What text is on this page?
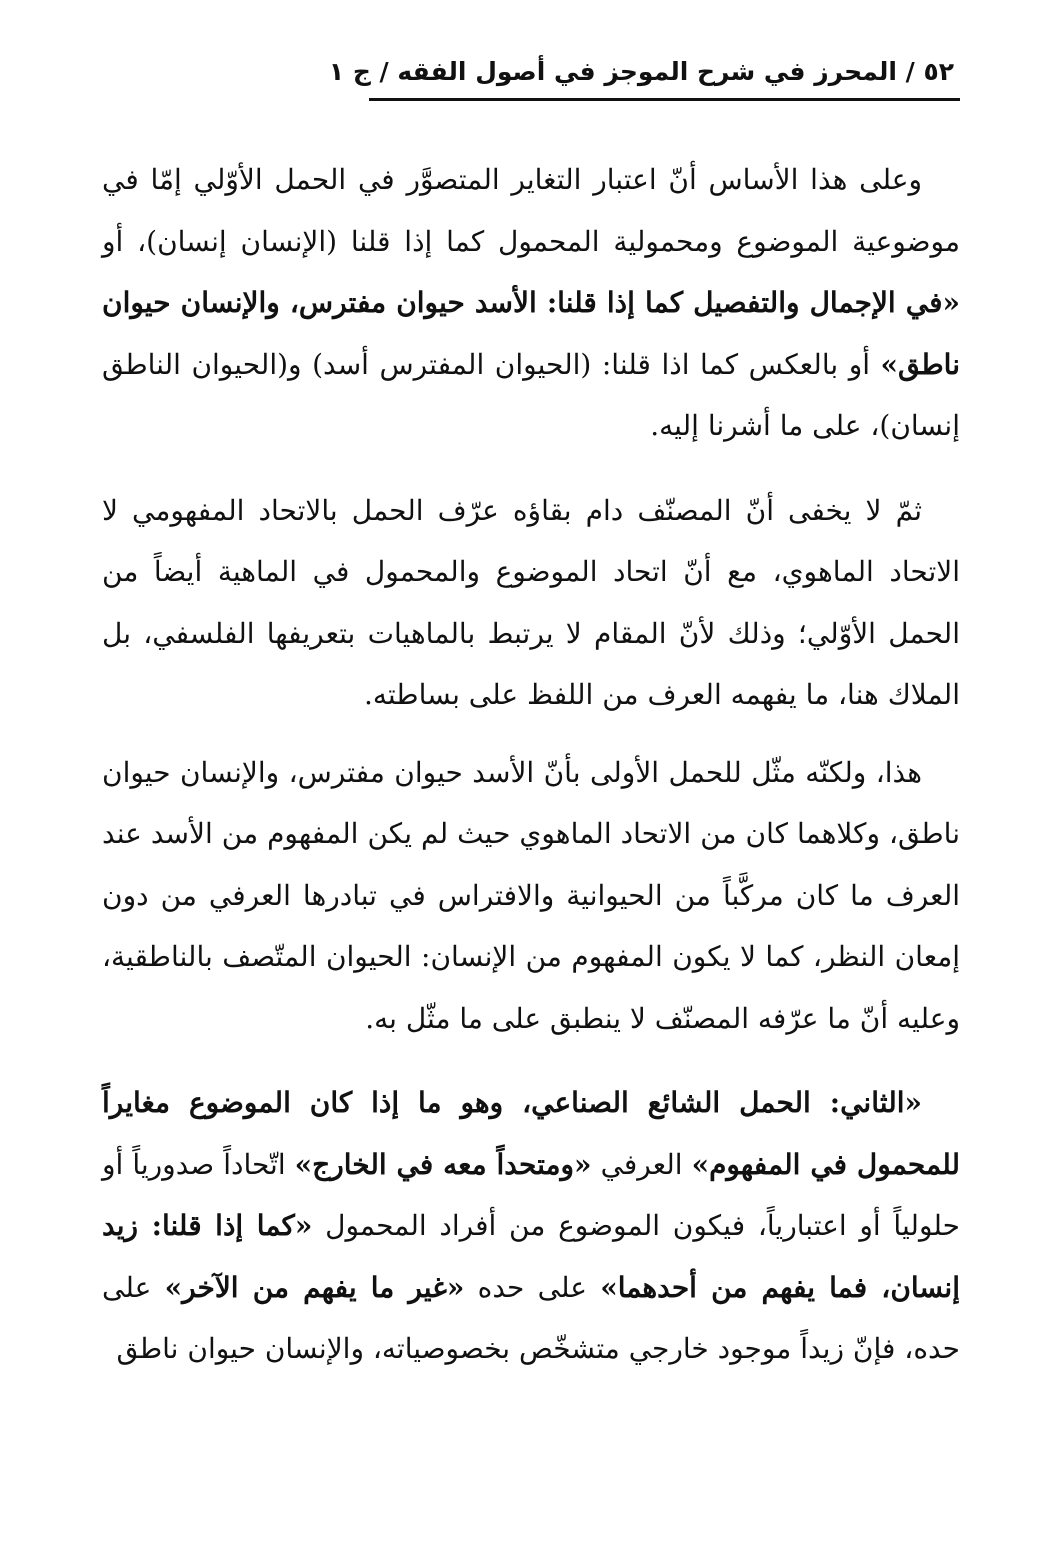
٥٢ / المحرز في شرح الموجز في أصول الفقه / ج ١

وعلى هذا الأساس أنّ اعتبار التغاير المتصوَّر في الحمل الأوّلي إمّا في موضوعية الموضوع ومحمولية المحمول كما إذا قلنا (الإنسان إنسان)، أو «في الإجمال والتفصيل كما إذا قلنا: الأسد حيوان مفترس، والإنسان حيوان ناطق» أو بالعكس كما اذا قلنا: (الحيوان المفترس أسد) و(الحيوان الناطق إنسان)، على ما أشرنا إليه.

ثمّ لا يخفى أنّ المصنّف دام بقاؤه عرّف الحمل بالاتحاد المفهومي لا الاتحاد الماهوي، مع أنّ اتحاد الموضوع والمحمول في الماهية أيضاً من الحمل الأوّلي؛ وذلك لأنّ المقام لا يرتبط بالماهيات بتعريفها الفلسفي، بل الملاك هنا، ما يفهمه العرف من اللفظ على بساطته.

هذا، ولكنّه مثّل للحمل الأولى بأنّ الأسد حيوان مفترس، والإنسان حيوان ناطق، وكلاهما كان من الاتحاد الماهوي حيث لم يكن المفهوم من الأسد عند العرف ما كان مركَّباً من الحيوانية والافتراس في تبادرها العرفي من دون إمعان النظر، كما لا يكون المفهوم من الإنسان: الحيوان المتّصف بالناطقية، وعليه أنّ ما عرّفه المصنّف لا ينطبق على ما مثّل به.

«الثاني: الحمل الشائع الصناعي، وهو ما إذا كان الموضوع مغايراً للمحمول في المفهوم» العرفي «ومتحداً معه في الخارج» اتّحاداً صدورياً أو حلولياً أو اعتبارياً، فيكون الموضوع من أفراد المحمول «كما إذا قلنا: زيد إنسان، فما يفهم من أحدهما» على حده «غير ما يفهم من الآخر» على حده، فإنّ زيداً موجود خارجي متشخّص بخصوصياته، والإنسان حيوان ناطق
